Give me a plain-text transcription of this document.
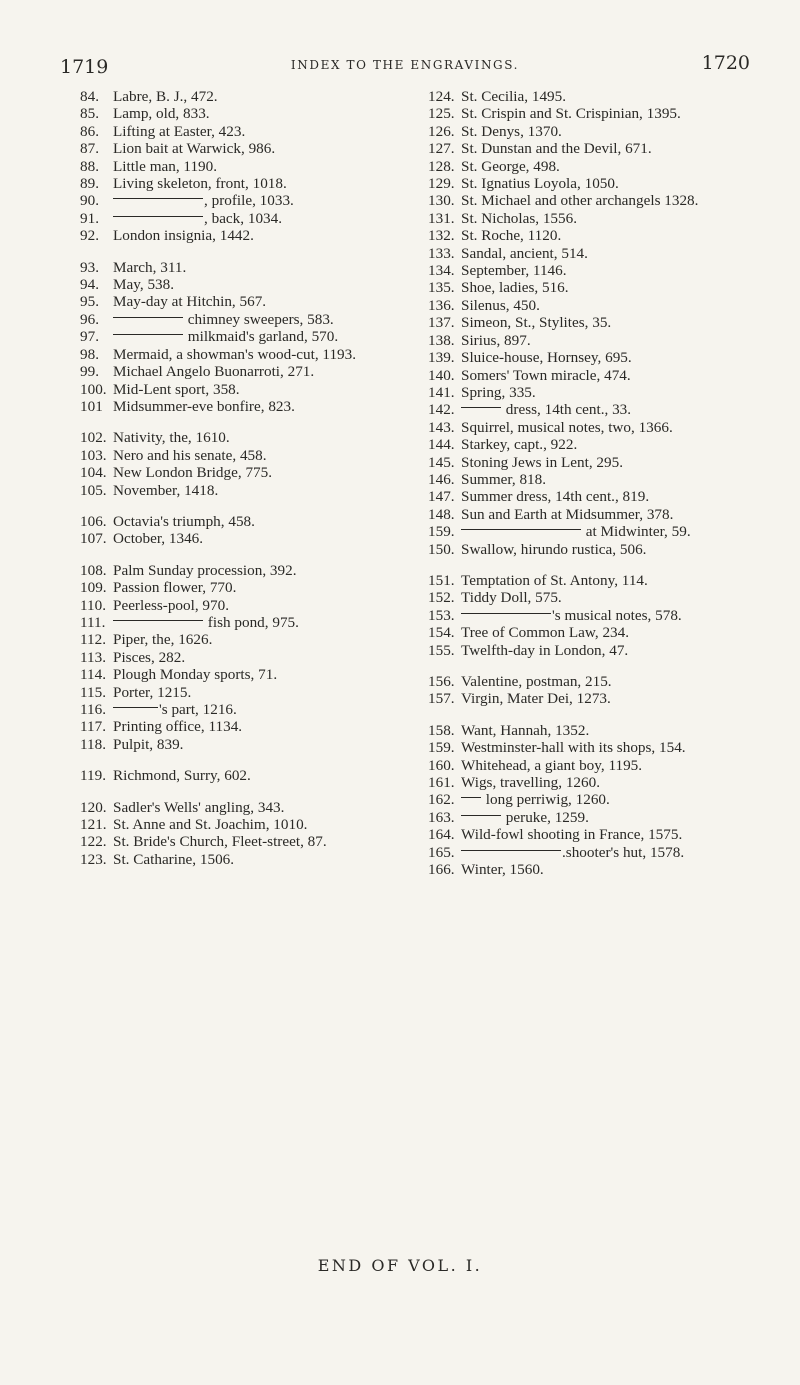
1719	INDEX TO THE ENGRAVINGS.	1720
84. Labre, B. J., 472.
85. Lamp, old, 833.
86. Lifting at Easter, 423.
87. Lion bait at Warwick, 986.
88. Little man, 1190.
89. Living skeleton, front, 1018.
90.	, profile, 1033.
91.	, back, 1034.
92. London insignia, 1442.
93. March, 311.
94. May, 538.
95. May-day at Hitchin, 567.
96.	chimney sweepers, 583.
97.	milkmaid's garland, 570.
98. Mermaid, a showman's wood-cut, 1193.
99. Michael Angelo Buonarroti, 271.
100. Mid-Lent sport, 358.
101 Midsummer-eve bonfire, 823.
102. Nativity, the, 1610.
103. Nero and his senate, 458.
104. New London Bridge, 775.
105. November, 1418.
106. Octavia's triumph, 458.
107. October, 1346.
108. Palm Sunday procession, 392.
109. Passion flower, 770.
110. Peerless-pool, 970.
111.	fish pond, 975.
112. Piper, the, 1626.
113. Pisces, 282.
114. Plough Monday sports, 71.
115. Porter, 1215.
116.	's part, 1216.
117. Printing office, 1134.
118. Pulpit, 839.
119. Richmond, Surry, 602.
120. Sadler's Wells' angling, 343.
121. St. Anne and St. Joachim, 1010.
122. St. Bride's Church, Fleet-street, 87.
123. St. Catharine, 1506.
124. St. Cecilia, 1495.
125. St. Crispin and St. Crispinian, 1395.
126. St. Denys, 1370.
127. St. Dunstan and the Devil, 671.
128. St. George, 498.
129. St. Ignatius Loyola, 1050.
130. St. Michael and other archangels 1328.
131. St. Nicholas, 1556.
132. St. Roche, 1120.
133. Sandal, ancient, 514.
134. September, 1146.
135. Shoe, ladies, 516.
136. Silenus, 450.
137. Simeon, St., Stylites, 35.
138. Sirius, 897.
139. Sluice-house, Hornsey, 695.
140. Somers' Town miracle, 474.
141. Spring, 335.
142.	dress, 14th cent., 33.
143. Squirrel, musical notes, two, 1366.
144. Starkey, capt., 922.
145. Stoning Jews in Lent, 295.
146. Summer, 818.
147. Summer dress, 14th cent., 819.
148. Sun and Earth at Midsummer, 378.
159.	at Midwinter, 59.
150. Swallow, hirundo rustica, 506.
151. Temptation of St. Antony, 114.
152. Tiddy Doll, 575.
153.	's musical notes, 578.
154. Tree of Common Law, 234.
155. Twelfth-day in London, 47.
156. Valentine, postman, 215.
157. Virgin, Mater Dei, 1273.
158. Want, Hannah, 1352.
159. Westminster-hall with its shops, 154.
160. Whitehead, a giant boy, 1195.
161. Wigs, travelling, 1260.
162.	long perriwig, 1260.
163.	peruke, 1259.
164. Wild-fowl shooting in France, 1575.
165.	.shooter's hut, 1578.
166. Winter, 1560.
END OF VOL. I.
